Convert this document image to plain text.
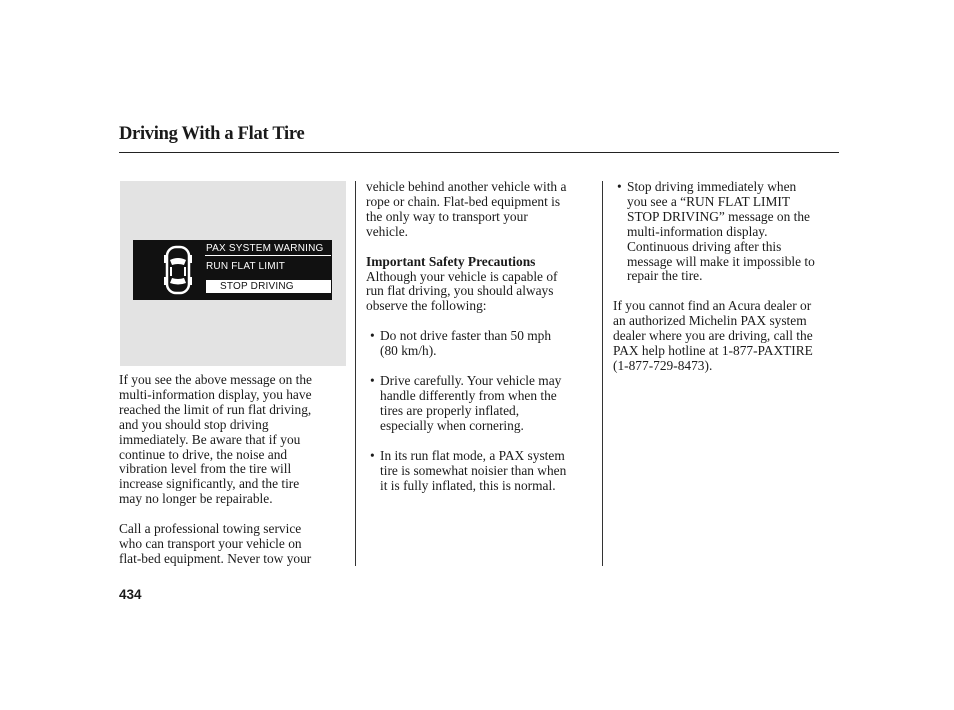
Driving With a Flat Tire
PAX SYSTEM WARNING
RUN FLAT LIMIT
STOP DRIVING

If you see the above message on the
multi-information display, you have
reached the limit of run flat driving,
and you should stop driving
immediately. Be aware that if you
continue to drive, the noise and
vibration level from the tire will
increase significantly, and the tire
may no longer be repairable.

Call a professional towing service
who can transport your vehicle on
flat-bed equipment. Never tow your

vehicle behind another vehicle with a
rope or chain. Flat-bed equipment is
the only way to transport your
vehicle.

Important Safety Precautions
Although your vehicle is capable of
run flat driving, you should always
observe the following:

• Do not drive faster than 50 mph
(80 km/h).

• Drive carefully. Your vehicle may
handle differently from when the
tires are properly inflated,
especially when cornering.

• In its run flat mode, a PAX system
tire is somewhat noisier than when
it is fully inflated, this is normal.

• Stop driving immediately when
you see a “RUN FLAT LIMIT
STOP DRIVING” message on the
multi-information display.
Continuous driving after this
message will make it impossible to
repair the tire.

If you cannot find an Acura dealer or
an authorized Michelin PAX system
dealer where you are driving, call the
PAX help hotline at 1-877-PAXTIRE
(1-877-729-8473).

434
